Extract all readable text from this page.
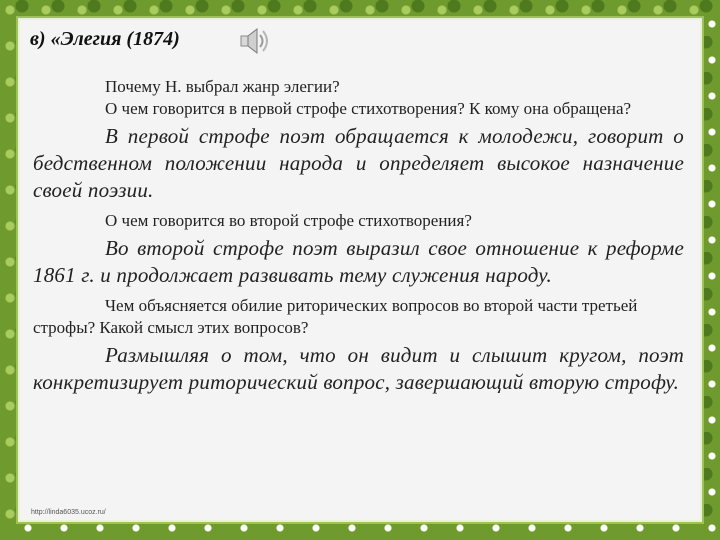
в) «Элегия (1874)

Почему Н. выбрал жанр элегии?

О чем говорится в первой строфе стихотворения? К кому она обращена?

В первой строфе поэт обращается к молодежи, говорит о бедственном положении народа и определяет высокое назначение своей поэзии.

О чем говорится во второй строфе стихотворения?

Во второй строфе поэт выразил свое отношение к реформе 1861 г. и продолжает развивать тему служения народу.

Чем объясняется обилие риторических вопросов во второй части третьей строфы? Какой смысл этих вопросов?

Размышляя о том, что он видит и слышит кругом, поэт конкретизирует риторический вопрос, завершающий вторую строфу.

http://linda6035.ucoz.ru/
